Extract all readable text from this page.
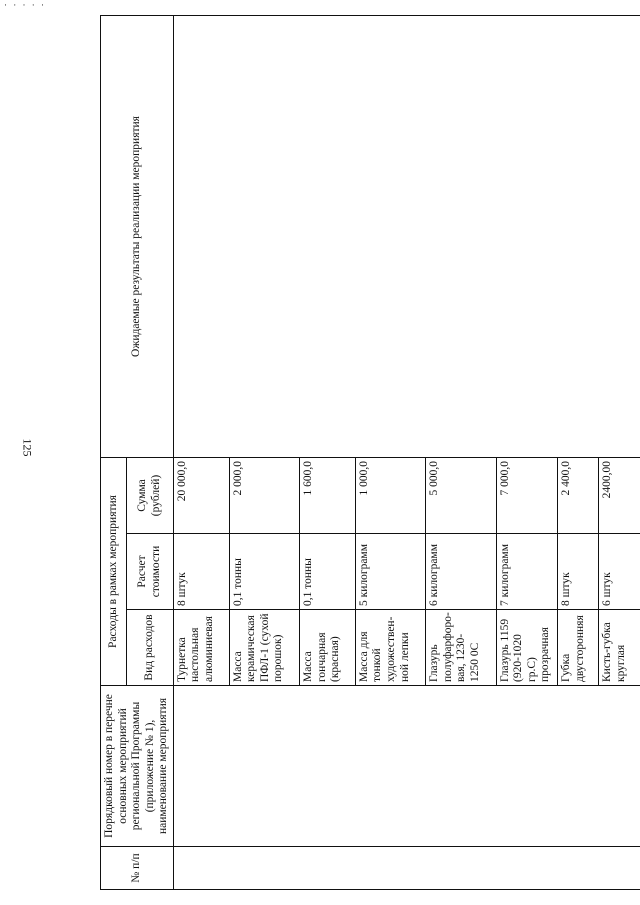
· · · · ·
125
№ п/п	Порядковый номер в перечне основных мероприятий региональной Программы (приложение № 1), наименование мероприятия	Расходы в рамках мероприятия			Ожидаемые результаты реализации мероприятия
		Вид расходов	Расчет стоимости	Сумма (рублей)	
		Турнетка настольная алюминиевая	8 штук	20 000,0	
		Масса керамическая ПФЛ-1 (сухой порошок)	0,1 тонны	2 000,0	
		Масса гончарная (красная)	0,1 тонны	1 600,0	
		Масса для тонкой художествен-ной лепки	5 килограмм	1 000,0	
		Глазурь полуфарфоро-вая, 1230-1250 0С	6 килограмм	5 000,0	
		Глазурь 1159 (920-1020 гр.С) прозрачная	7 килограмм	7 000,0	
		Губка двусторонняя	8 штук	2 400,0	
		Кисть-губка круглая	6 штук	2400,00	
